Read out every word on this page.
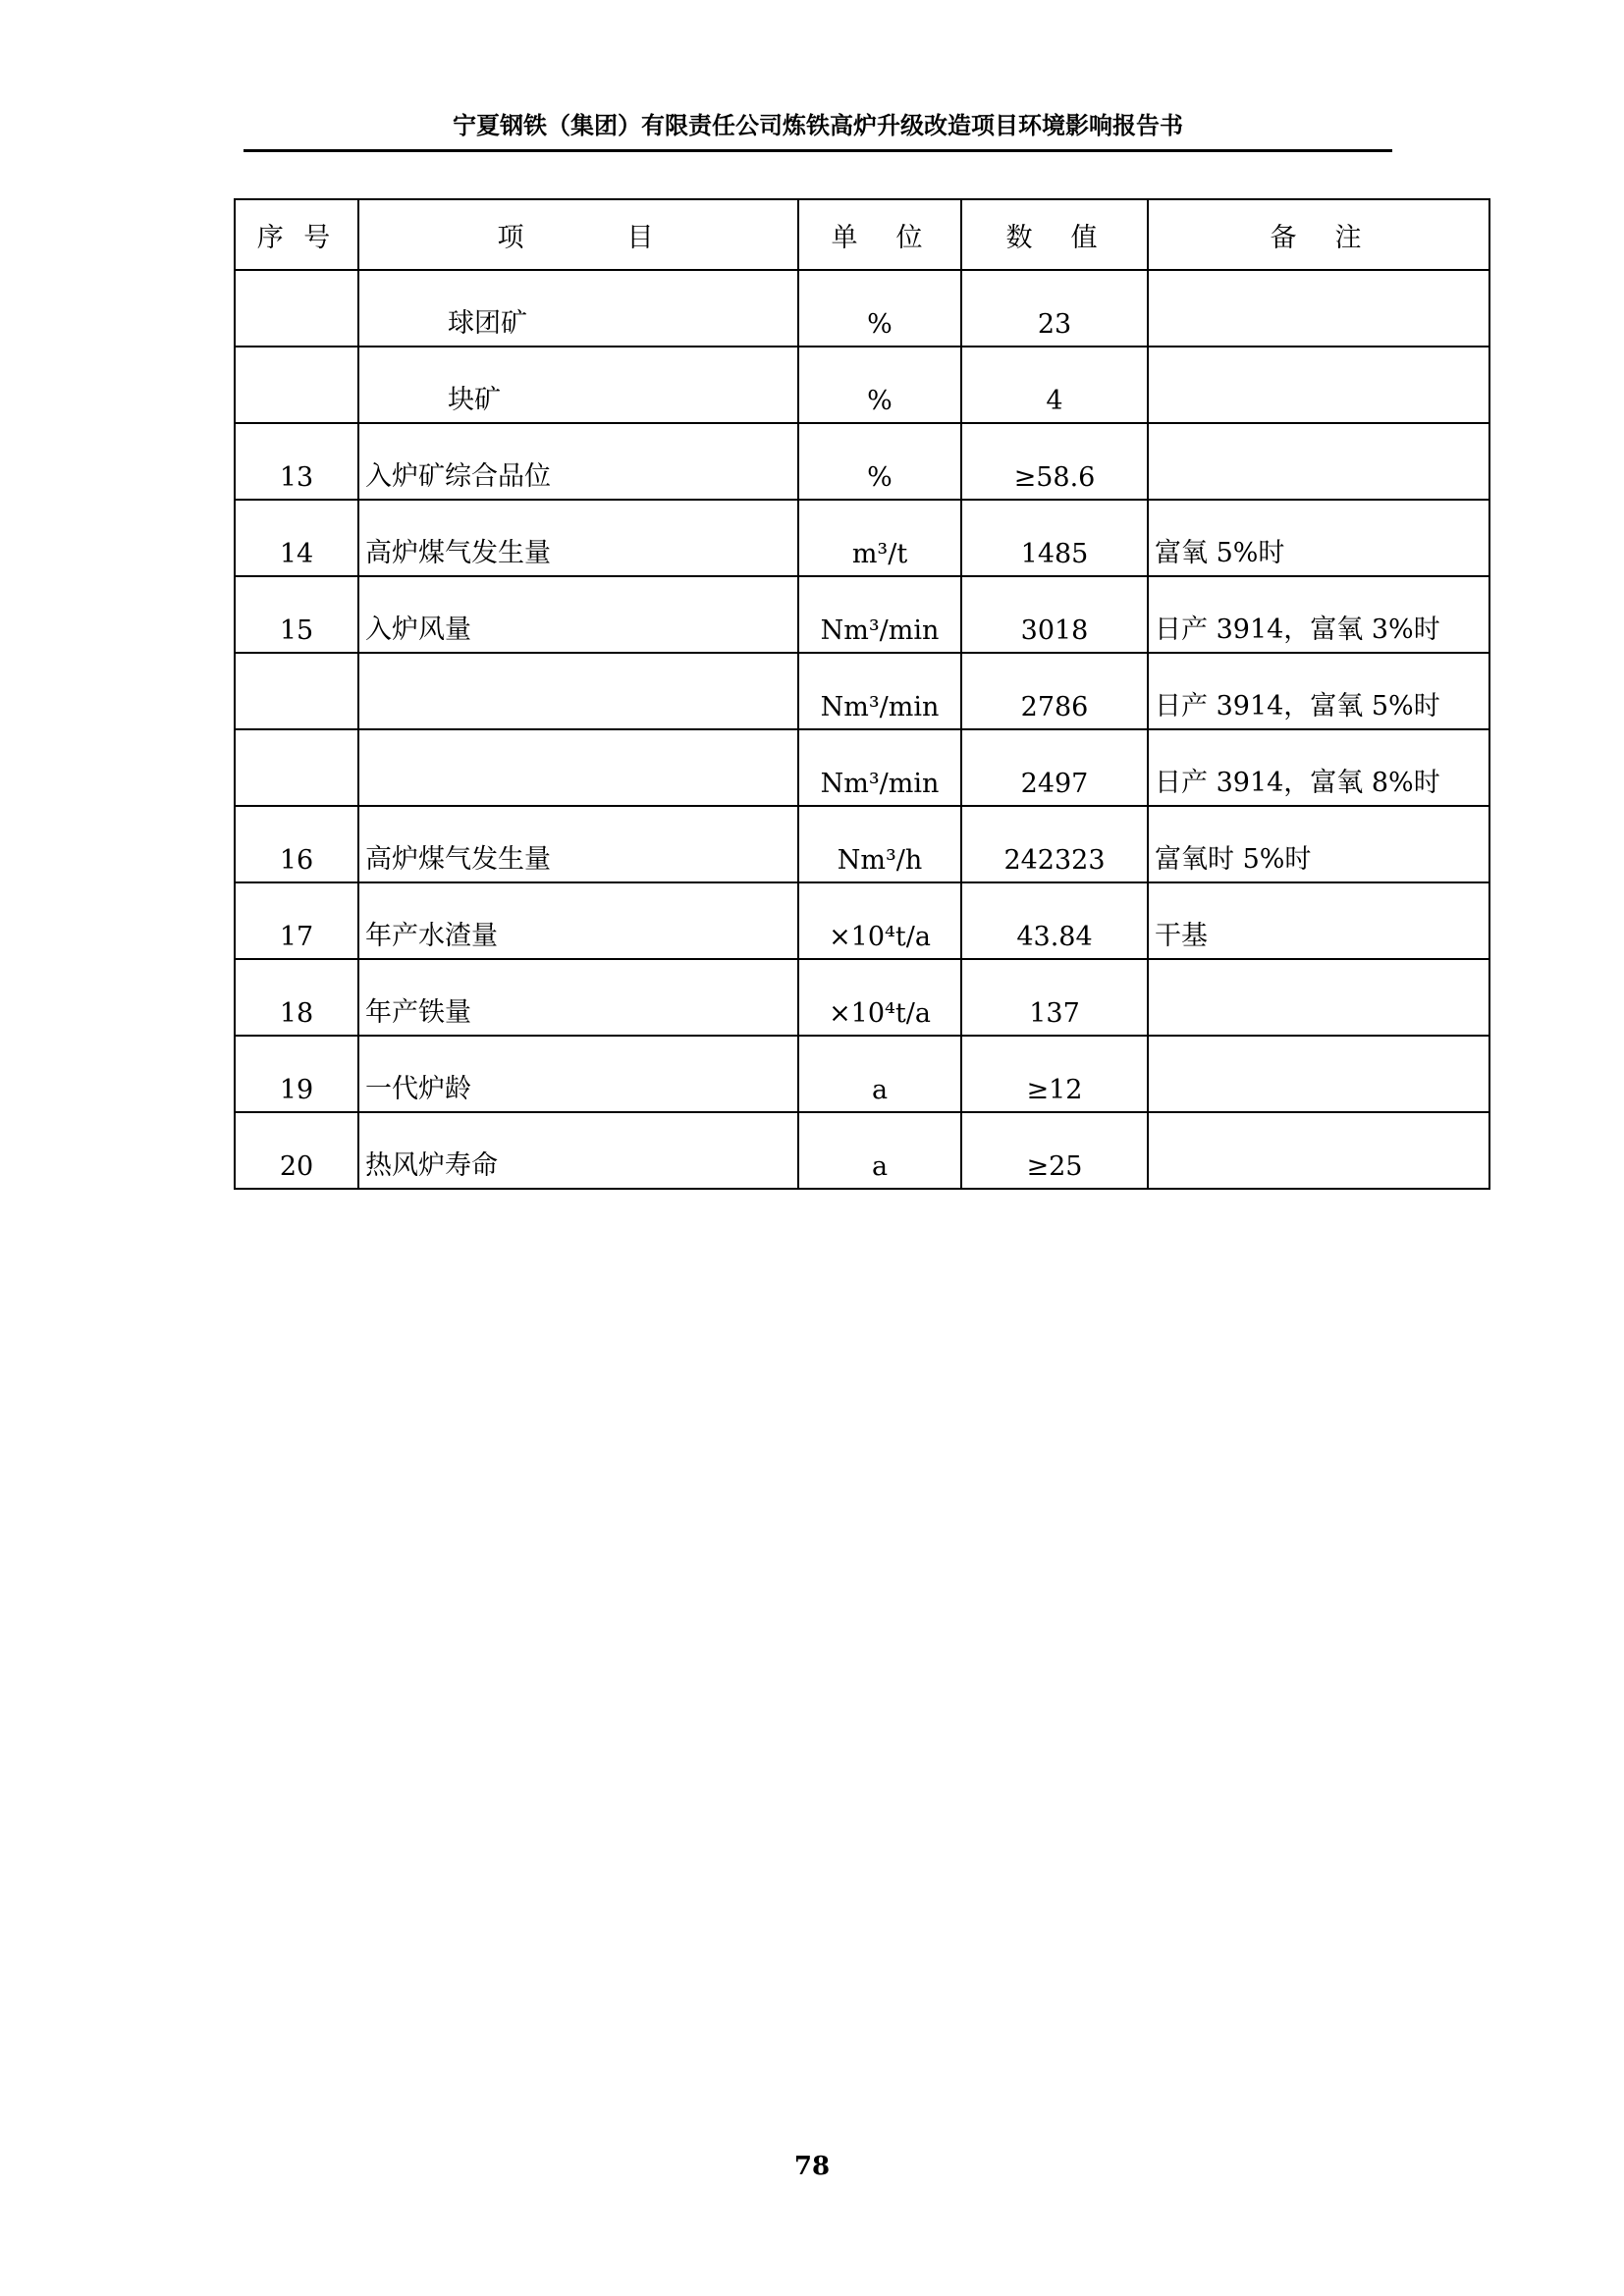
宁夏钢铁（集团）有限责任公司炼铁高炉升级改造项目环境影响报告书
序 号	项　　　目	单　位	数　值	备　注
	球团矿	%	23	
	块矿	%	4	
13	入炉矿综合品位	%	≥58.6	
14	高炉煤气发生量	m³/t	1485	富氧 5%时
15	入炉风量	Nm³/min	3018	日产 3914，富氧 3%时
		Nm³/min	2786	日产 3914，富氧 5%时
		Nm³/min	2497	日产 3914，富氧 8%时
16	高炉煤气发生量	Nm³/h	242323	富氧时 5%时
17	年产水渣量	×10⁴t/a	43.84	干基
18	年产铁量	×10⁴t/a	137	
19	一代炉龄	a	≥12	
20	热风炉寿命	a	≥25	
78
